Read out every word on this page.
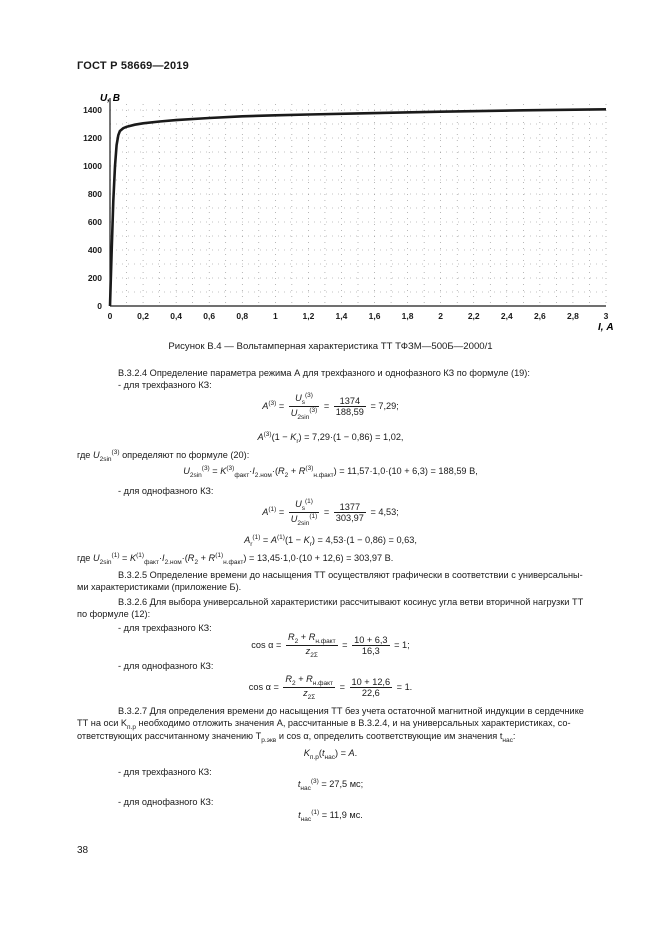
ГОСТ Р 58669—2019
0	0,2 0,4 0,6 0,8	1	1,2 1,4 1,6 1,8	2	2,2 2,4 2,6 2,8	3
0
200
400
600
800
1000
1200
1400
U, В
I, А
Рисунок В.4 — Вольтамперная характеристика ТТ ТФЗМ—500Б—2000/1
В.3.2.4 Определение параметра режима А для трехфазного и однофазного КЗ по формуле (19):
- для трехфазного КЗ:
$A^{(3)} = \frac{U_s^{(3)}}{U_{2sin}^{(3)}} = \frac{1374}{188,59} = 7,29$;
$A^{(3)}(1 - K_r) = 7,29\cdot(1 - 0,86) = 1,02$,
где $U_{2sin}^{(3)}$ определяют по формуле (20):
$U_{2sin}^{(3)} = K^{(3)}_{факт}\cdot I_{2.ном}\cdot(R_2 + R^{(3)}_{н.факт}) = 11,57\cdot 1,0\cdot(10 + 6,3) = 188,59$ В,
- для однофазного КЗ:
$A^{(1)} = \frac{U_s^{(1)}}{U_{2sin}^{(1)}} = \frac{1377}{303,97} = 4,53$;
$A_r^{(1)} = A^{(1)}(1 - K_r) = 4,53\cdot(1 - 0,86) = 0,63$,
где $U_{2sin}^{(1)} = K^{(1)}_{факт}\cdot I_{2.ном}\cdot(R_2 + R^{(1)}_{н.факт}) = 13,45\cdot 1,0\cdot(10 + 12,6) = 303,97$ В.
В.3.2.5 Определение времени до насыщения ТТ осуществляют графически в соответствии с универсальны-
ми характеристиками (приложение Б).
В.3.2.6 Для выбора универсальной характеристики рассчитывают косинус угла ветви вторичной нагрузки ТТ
по формуле (12):
- для трехфазного КЗ:
$\cos \alpha = \frac{R_2 + R_{н.факт}}{z_{2\Sigma}} = \frac{10 + 6,3}{16,3} = 1$;
- для однофазного КЗ:
$\cos \alpha = \frac{R_2 + R_{н.факт}}{z_{2\Sigma}} = \frac{10 + 12,6}{22,6} = 1$.
В.3.2.7 Для определения времени до насыщения ТТ без учета остаточной магнитной индукции в сердечнике
ТТ на оси $K_{п.р}$ необходимо отложить значения A, рассчитанные в В.3.2.4, и на универсальных характеристиках, со-
ответствующих рассчитанному значению $T_{p.экв}$ и cos α, определить соответствующие им значения $t_{нас}$:
$K_{п.р}(t_{нас}) = A$.
- для трехфазного КЗ:
$t_{нас}^{(3)} = 27,5$ мс;
- для однофазного КЗ:
$t_{нас}^{(1)} = 11,9$ мс.
38
